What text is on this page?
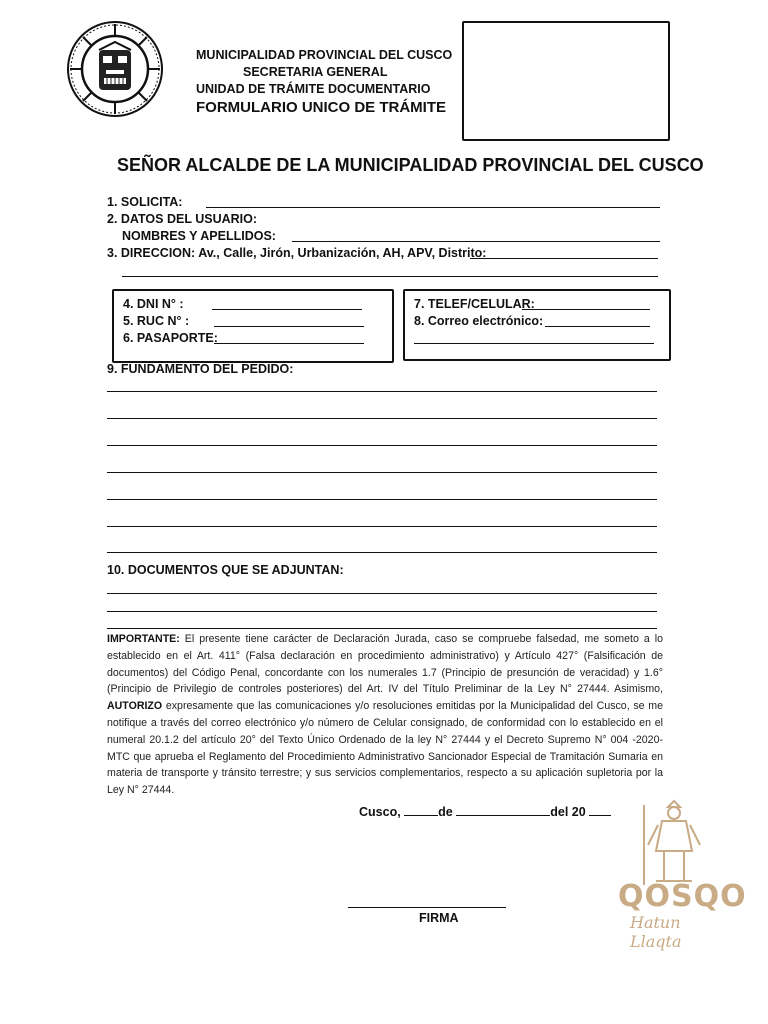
MUNICIPALIDAD PROVINCIAL DEL CUSCO
SECRETARIA GENERAL
UNIDAD DE TRÁMITE DOCUMENTARIO
FORMULARIO UNICO DE TRÁMITE
SEÑOR ALCALDE DE LA MUNICIPALIDAD PROVINCIAL DEL CUSCO
1. SOLICITA:
2. DATOS DEL USUARIO:
NOMBRES Y APELLIDOS:
3. DIRECCION: Av., Calle, Jirón, Urbanización, AH, APV, Distrito:
4. DNI N° :
5. RUC N° :
6. PASAPORTE:
7. TELEF/CELULAR:
8. Correo electrónico:
9. FUNDAMENTO DEL PEDIDO:
10. DOCUMENTOS QUE SE ADJUNTAN:
IMPORTANTE: El presente tiene carácter de Declaración Jurada, caso se compruebe falsedad, me someto a lo establecido en el Art. 411° (Falsa declaración en procedimiento administrativo) y Artículo 427° (Falsificación de documentos) del Código Penal, concordante con los numerales 1.7 (Principio de presunción de veracidad) y 1.6° (Principio de Privilegio de controles posteriores) del Art. IV del Título Preliminar de la Ley N° 27444. Asimismo, AUTORIZO expresamente que las comunicaciones y/o resoluciones emitidas por la Municipalidad del Cusco, se me notifique a través del correo electrónico y/o número de Celular consignado, de conformidad con lo establecido en el numeral 20.1.2 del artículo 20° del Texto Único Ordenado de la ley N° 27444 y el Decreto Supremo N° 004 -2020-MTC que aprueba el Reglamento del Procedimiento Administrativo Sancionador Especial de Tramitación Sumaria en materia de transporte y tránsito terrestre; y sus servicios complementarios, respecto a su aplicación supletoria por la Ley N° 27444.
Cusco,	de	del 20
FIRMA
QOSQO
Hatun Llaqta
